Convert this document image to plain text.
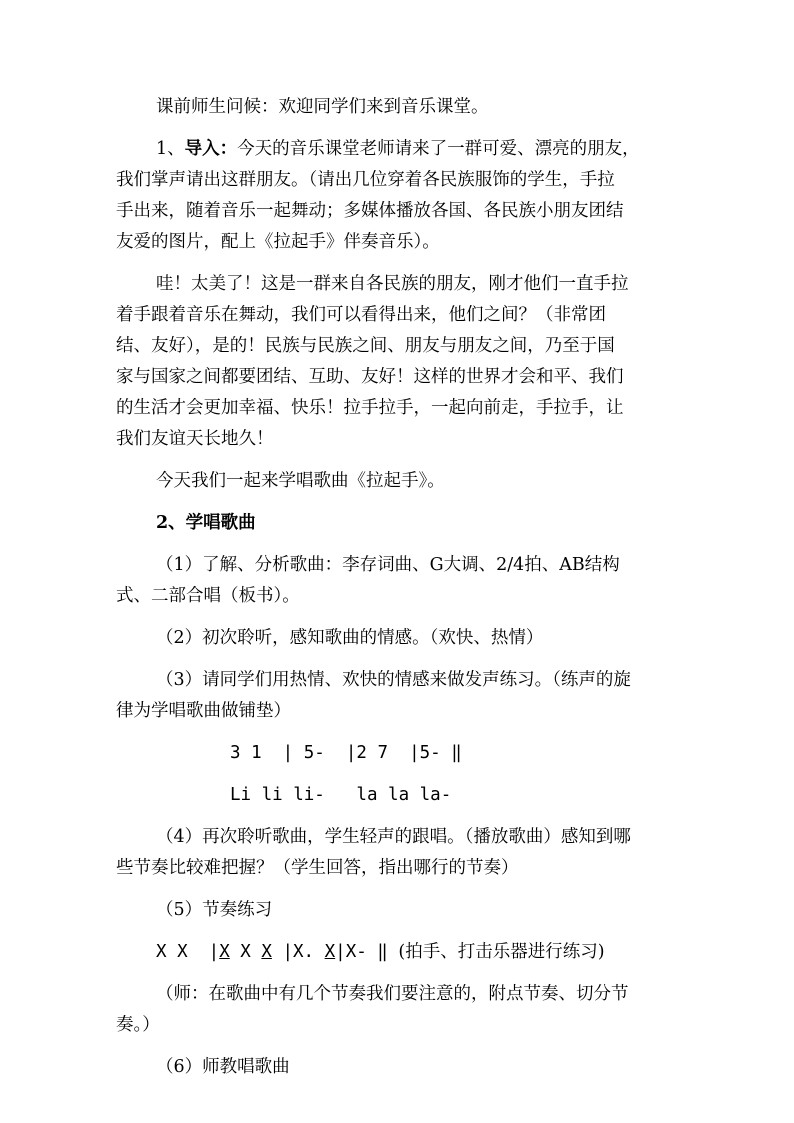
课前师生问候：欢迎同学们来到音乐课堂。

1、导入：今天的音乐课堂老师请来了一群可爱、漂亮的朋友，

我们掌声请出这群朋友。（请出几位穿着各民族服饰的学生，手拉

手出来，随着音乐一起舞动；多媒体播放各国、各民族小朋友团结

友爱的图片，配上《拉起手》伴奏音乐）。

哇！太美了！这是一群来自各民族的朋友，刚才他们一直手拉

着手跟着音乐在舞动，我们可以看得出来，他们之间？（非常团

结、友好），是的！民族与民族之间、朋友与朋友之间，乃至于国

家与国家之间都要团结、互助、友好！这样的世界才会和平、我们

的生活才会更加幸福、快乐！拉手拉手，一起向前走，手拉手，让

我们友谊天长地久！

今天我们一起来学唱歌曲《拉起手》。

2、学唱歌曲

（1）了解、分析歌曲：李存词曲、G大调、2/4拍、AB结构

式、二部合唱（板书）。

（2）初次聆听，感知歌曲的情感。（欢快、热情）

（3）请同学们用热情、欢快的情感来做发声练习。（练声的旋

律为学唱歌曲做铺垫）

3 1  | 5-  |2 7  |5- ‖

Li li li-   la la la-

（4）再次聆听歌曲，学生轻声的跟唱。（播放歌曲）感知到哪

些节奏比较难把握？（学生回答，指出哪行的节奏）

（5）节奏练习

X X  |X X X |X. X|X- ‖ (拍手、打击乐器进行练习)

（师：在歌曲中有几个节奏我们要注意的，附点节奏、切分节

奏。）

（6）师教唱歌曲
